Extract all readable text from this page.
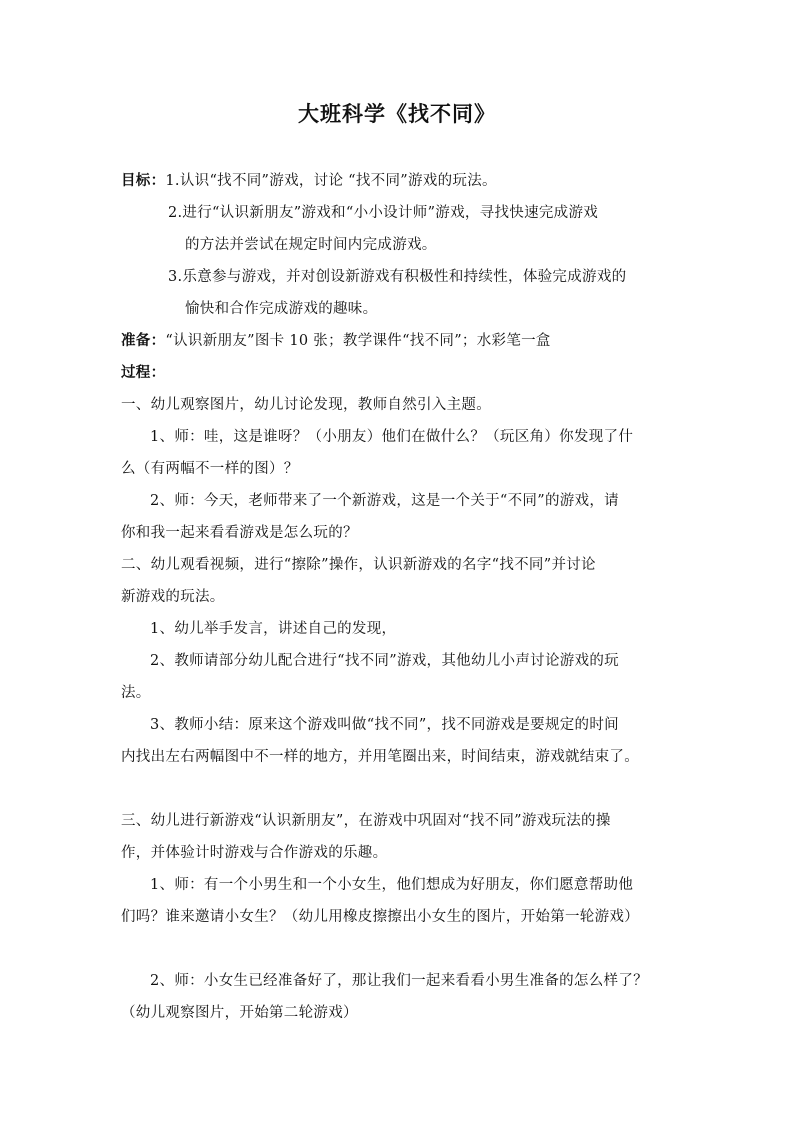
大班科学《找不同》
目标：1.认识“找不同”游戏，讨论 “找不同”游戏的玩法。
2.进行“认识新朋友”游戏和“小小设计师”游戏，寻找快速完成游戏
的方法并尝试在规定时间内完成游戏。
3.乐意参与游戏，并对创设新游戏有积极性和持续性，体验完成游戏的
愉快和合作完成游戏的趣味。
准备：“认识新朋友”图卡 10 张；教学课件“找不同”；水彩笔一盒
过程：
一、幼儿观察图片，幼儿讨论发现，教师自然引入主题。
1、师：哇，这是谁呀？（小朋友）他们在做什么？（玩区角）你发现了什
么（有两幅不一样的图）？
2、师：今天，老师带来了一个新游戏，这是一个关于“不同”的游戏，请
你和我一起来看看游戏是怎么玩的？
二、幼儿观看视频，进行“擦除”操作，认识新游戏的名字“找不同”并讨论
新游戏的玩法。
1、幼儿举手发言，讲述自己的发现，
2、教师请部分幼儿配合进行“找不同”游戏，其他幼儿小声讨论游戏的玩
法。
3、教师小结：原来这个游戏叫做“找不同”，找不同游戏是要规定的时间
内找出左右两幅图中不一样的地方，并用笔圈出来，时间结束，游戏就结束了。
三、幼儿进行新游戏“认识新朋友”，在游戏中巩固对“找不同”游戏玩法的操
作，并体验计时游戏与合作游戏的乐趣。
1、师：有一个小男生和一个小女生，他们想成为好朋友，你们愿意帮助他
们吗？谁来邀请小女生？（幼儿用橡皮擦擦出小女生的图片，开始第一轮游戏）
2、师：小女生已经准备好了，那让我们一起来看看小男生准备的怎么样了？
（幼儿观察图片，开始第二轮游戏）
